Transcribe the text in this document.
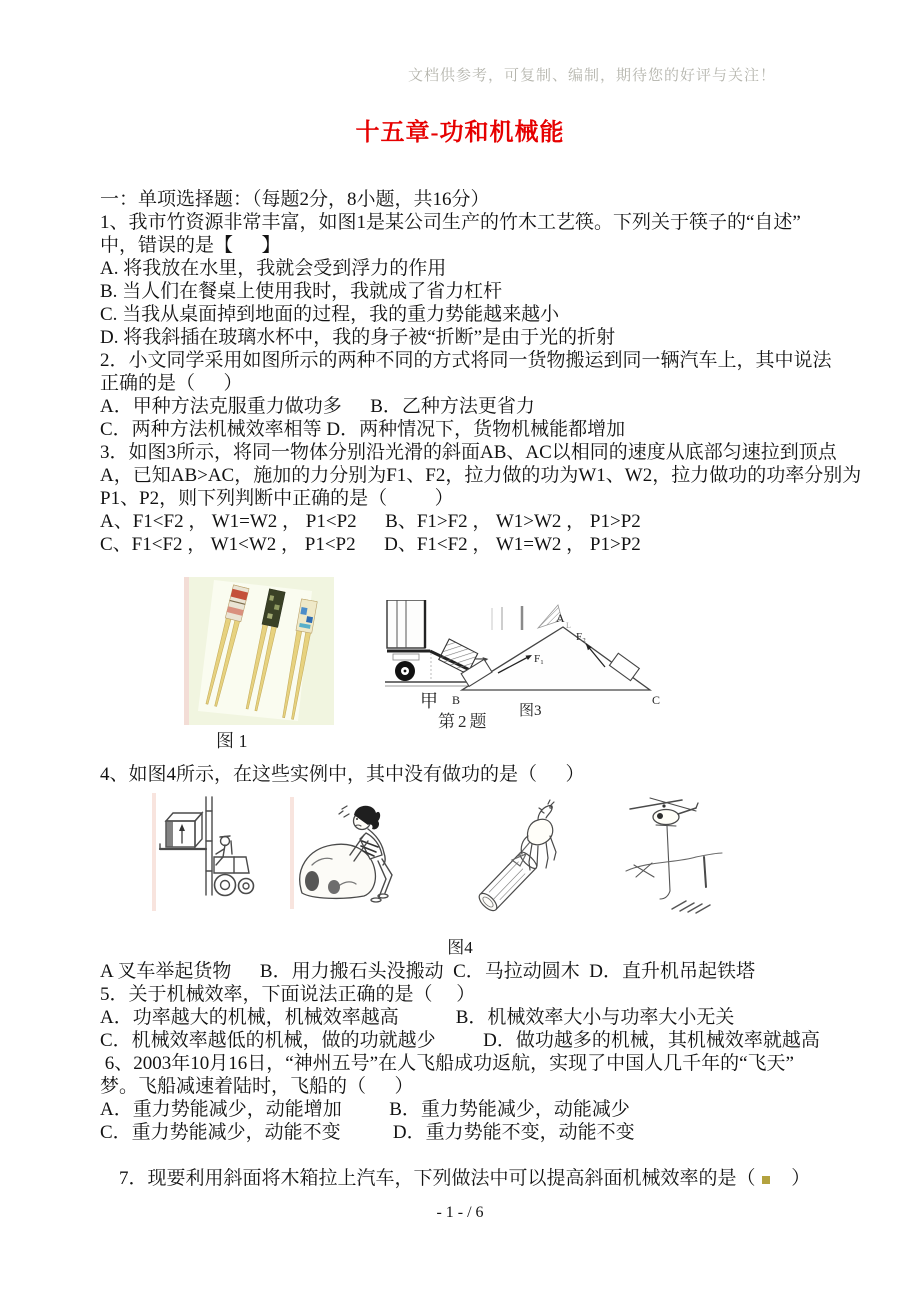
文档供参考，可复制、编制，期待您的好评与关注！
十五章-功和机械能
一：单项选择题：（每题2分，8小题，共16分）
1、我市竹资源非常丰富，如图1是某公司生产的竹木工艺筷。下列关于筷子的“自述”
中，错误的是【      】
A. 将我放在水里，我就会受到浮力的作用
B. 当人们在餐桌上使用我时，我就成了省力杠杆
C. 当我从桌面掉到地面的过程，我的重力势能越来越小
D. 将我斜插在玻璃水杯中，我的身子被“折断”是由于光的折射
2．小文同学采用如图所示的两种不同的方式将同一货物搬运到同一辆汽车上，其中说法
正确的是（      ）
A．甲种方法克服重力做功多      B．乙种方法更省力
C．两种方法机械效率相等 D．两种情况下，货物机械能都增加
3．如图3所示，将同一物体分别沿光滑的斜面AB、AC以相同的速度从底部匀速拉到顶点
A，已知AB>AC，施加的力分别为F1、F2，拉力做的功为W1、W2，拉力做功的功率分别为
P1、P2，则下列判断中正确的是（          ）
A、F1<F2 ， W1=W2 ， P1<P2      B、F1>F2 ， W1>W2 ， P1>P2
C、F1<F2 ， W1<W2 ， P1<P2      D、F1<F2 ， W1=W2 ， P1>P2
图 1
甲
第2题
L
F₁
F₂
A
B	C
图3
4、如图4所示，在这些实例中，其中没有做功的是（      ）
图4
A 叉车举起货物      B．用力搬石头没搬动  C．马拉动圆木  D．直升机吊起铁塔
5．关于机械效率，下面说法正确的是（     ）
A．功率越大的机械，机械效率越高            B．机械效率大小与功率大小无关
C．机械效率越低的机械，做的功就越少          D．做功越多的机械，其机械效率就越高
6、2003年10月16日，“神州五号”在人飞船成功返航，实现了中国人几千年的“飞天”
梦。飞船减速着陆时，飞船的（      ）
A．重力势能减少，动能增加          B．重力势能减少，动能减少
C．重力势能减少，动能不变           D．重力势能不变，动能不变

7．现要利用斜面将木箱拉上汽车，下列做法中可以提高斜面机械效率的是（     ）

- 1 - / 6
